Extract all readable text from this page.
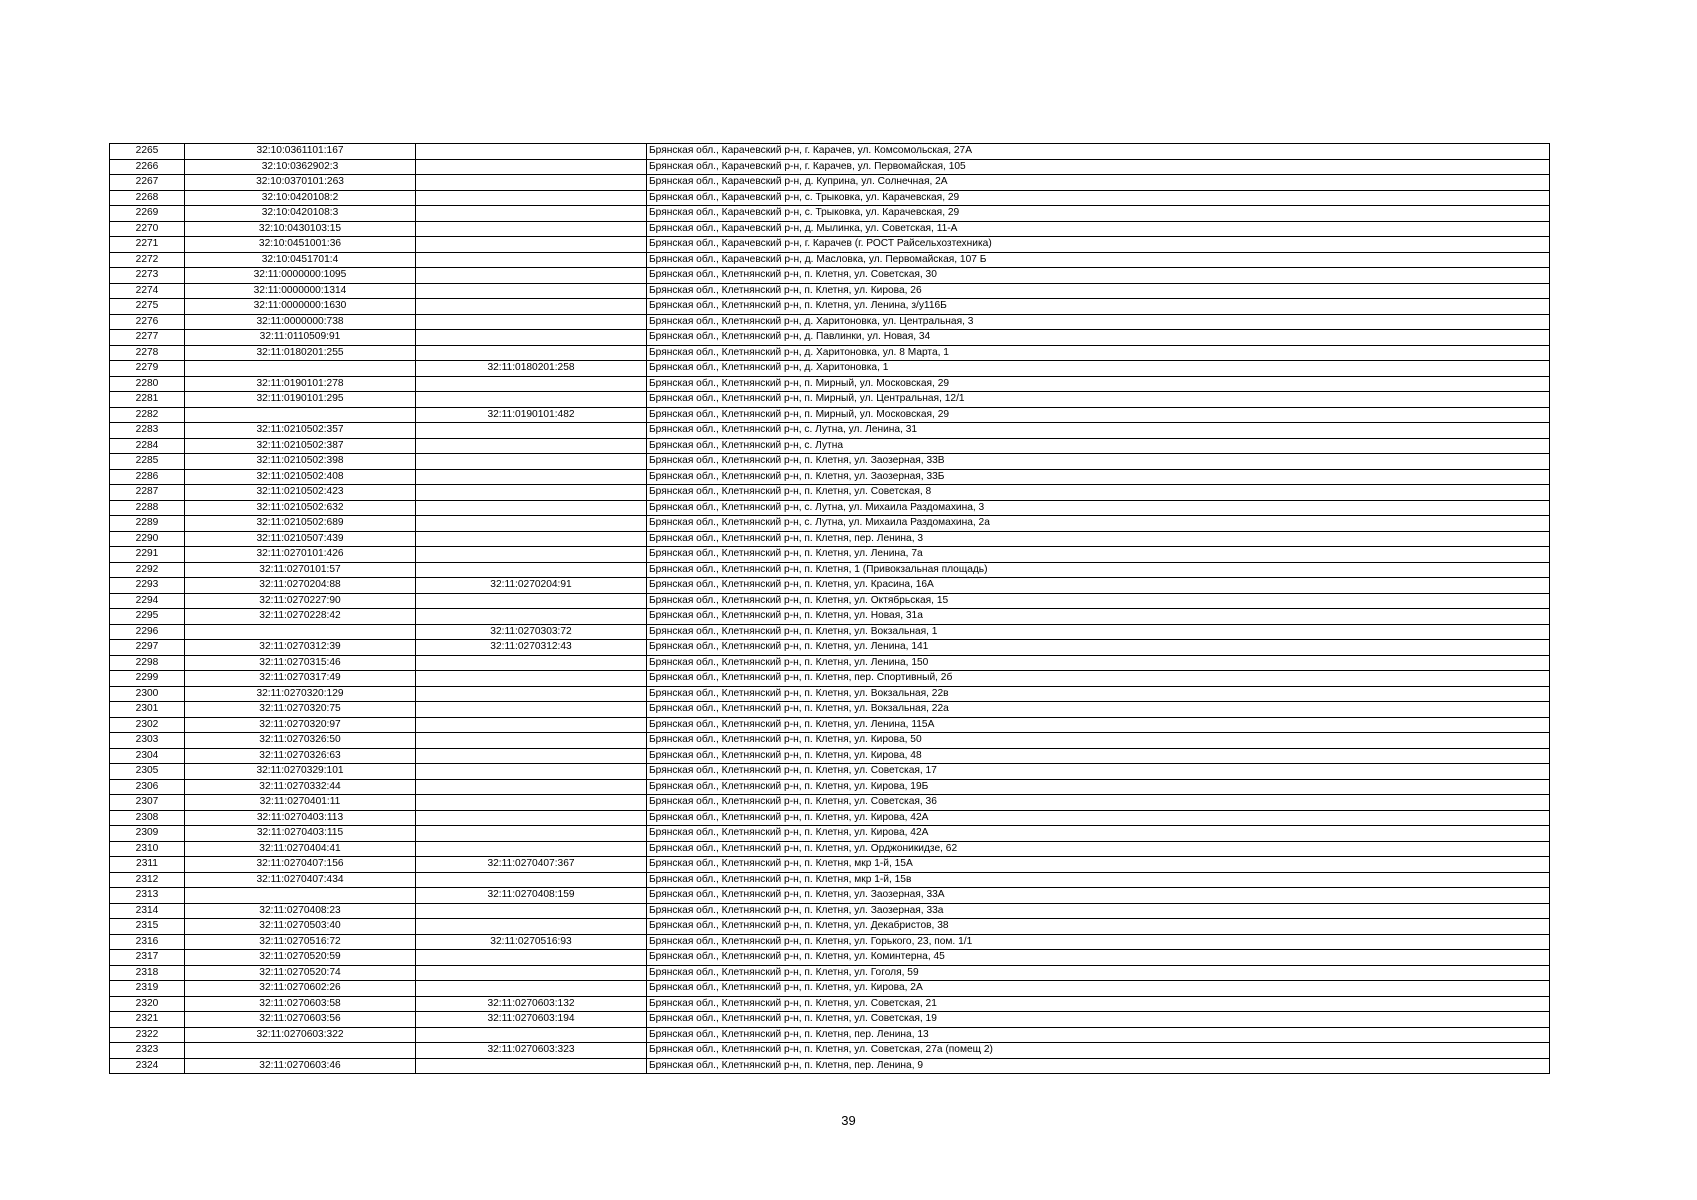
2265	32:10:0361101:167		Брянская обл., Карачевский р-н, г. Карачев, ул. Комсомольская, 27А
2266	32:10:0362902:3		Брянская обл., Карачевский р-н, г. Карачев, ул. Первомайская, 105
2267	32:10:0370101:263		Брянская обл., Карачевский р-н, д. Куприна, ул. Солнечная, 2А
2268	32:10:0420108:2		Брянская обл., Карачевский р-н, с. Трыковка, ул. Карачевская, 29
2269	32:10:0420108:3		Брянская обл., Карачевский р-н, с. Трыковка, ул. Карачевская, 29
2270	32:10:0430103:15		Брянская обл., Карачевский р-н, д. Мылинка, ул. Советская, 11-А
2271	32:10:0451001:36		Брянская обл., Карачевский р-н, г. Карачев (г. РОСТ Райсельхозтехника)
2272	32:10:0451701:4		Брянская обл., Карачевский р-н, д. Масловка, ул. Первомайская, 107 Б
2273	32:11:0000000:1095		Брянская обл., Клетнянский р-н, п. Клетня, ул. Советская, 30
2274	32:11:0000000:1314		Брянская обл., Клетнянский р-н, п. Клетня, ул. Кирова, 26
2275	32:11:0000000:1630		Брянская обл., Клетнянский р-н, п. Клетня, ул. Ленина, з/у116Б
2276	32:11:0000000:738		Брянская обл., Клетнянский р-н, д. Харитоновка, ул. Центральная, 3
2277	32:11:0110509:91		Брянская обл., Клетнянский р-н, д. Павлинки, ул. Новая, 34
2278	32:11:0180201:255		Брянская обл., Клетнянский р-н, д. Харитоновка, ул. 8 Марта, 1
2279		32:11:0180201:258	Брянская обл., Клетнянский р-н, д. Харитоновка, 1
2280	32:11:0190101:278		Брянская обл., Клетнянский р-н, п. Мирный, ул. Московская, 29
2281	32:11:0190101:295		Брянская обл., Клетнянский р-н, п. Мирный, ул. Центральная, 12/1
2282		32:11:0190101:482	Брянская обл., Клетнянский р-н, п. Мирный, ул. Московская, 29
2283	32:11:0210502:357		Брянская обл., Клетнянский р-н, с. Лутна, ул. Ленина, 31
2284	32:11:0210502:387		Брянская обл., Клетнянский р-н, с. Лутна
2285	32:11:0210502:398		Брянская обл., Клетнянский р-н, п. Клетня, ул. Заозерная, 33В
2286	32:11:0210502:408		Брянская обл., Клетнянский р-н, п. Клетня, ул. Заозерная, 33Б
2287	32:11:0210502:423		Брянская обл., Клетнянский р-н, п. Клетня, ул. Советская, 8
2288	32:11:0210502:632		Брянская обл., Клетнянский р-н, с. Лутна, ул. Михаила Раздомахина, 3
2289	32:11:0210502:689		Брянская обл., Клетнянский р-н, с. Лутна, ул. Михаила Раздомахина, 2а
2290	32:11:0210507:439		Брянская обл., Клетнянский р-н, п. Клетня, пер. Ленина, 3
2291	32:11:0270101:426		Брянская обл., Клетнянский р-н, п. Клетня, ул. Ленина, 7а
2292	32:11:0270101:57		Брянская обл., Клетнянский р-н, п. Клетня, 1 (Привокзальная площадь)
2293	32:11:0270204:88	32:11:0270204:91	Брянская обл., Клетнянский р-н, п. Клетня, ул. Красина, 16А
2294	32:11:0270227:90		Брянская обл., Клетнянский р-н, п. Клетня, ул. Октябрьская, 15
2295	32:11:0270228:42		Брянская обл., Клетнянский р-н, п. Клетня, ул. Новая, 31а
2296		32:11:0270303:72	Брянская обл., Клетнянский р-н, п. Клетня, ул. Вокзальная, 1
2297	32:11:0270312:39	32:11:0270312:43	Брянская обл., Клетнянский р-н, п. Клетня, ул. Ленина, 141
2298	32:11:0270315:46		Брянская обл., Клетнянский р-н, п. Клетня, ул. Ленина, 150
2299	32:11:0270317:49		Брянская обл., Клетнянский р-н, п. Клетня, пер. Спортивный, 2б
2300	32:11:0270320:129		Брянская обл., Клетнянский р-н, п. Клетня, ул. Вокзальная, 22в
2301	32:11:0270320:75		Брянская обл., Клетнянский р-н, п. Клетня, ул. Вокзальная, 22а
2302	32:11:0270320:97		Брянская обл., Клетнянский р-н, п. Клетня, ул. Ленина, 115А
2303	32:11:0270326:50		Брянская обл., Клетнянский р-н, п. Клетня, ул. Кирова, 50
2304	32:11:0270326:63		Брянская обл., Клетнянский р-н, п. Клетня, ул. Кирова, 48
2305	32:11:0270329:101		Брянская обл., Клетнянский р-н, п. Клетня, ул. Советская, 17
2306	32:11:0270332:44		Брянская обл., Клетнянский р-н, п. Клетня, ул. Кирова, 19Б
2307	32:11:0270401:11		Брянская обл., Клетнянский р-н, п. Клетня, ул. Советская, 36
2308	32:11:0270403:113		Брянская обл., Клетнянский р-н, п. Клетня, ул. Кирова, 42А
2309	32:11:0270403:115		Брянская обл., Клетнянский р-н, п. Клетня, ул. Кирова, 42А
2310	32:11:0270404:41		Брянская обл., Клетнянский р-н, п. Клетня, ул. Орджоникидзе, 62
2311	32:11:0270407:156	32:11:0270407:367	Брянская обл., Клетнянский р-н, п. Клетня, мкр 1-й, 15А
2312	32:11:0270407:434		Брянская обл., Клетнянский р-н, п. Клетня, мкр 1-й, 15в
2313		32:11:0270408:159	Брянская обл., Клетнянский р-н, п. Клетня, ул. Заозерная, 33А
2314	32:11:0270408:23		Брянская обл., Клетнянский р-н, п. Клетня, ул. Заозерная, 33а
2315	32:11:0270503:40		Брянская обл., Клетнянский р-н, п. Клетня, ул. Декабристов, 38
2316	32:11:0270516:72	32:11:0270516:93	Брянская обл., Клетнянский р-н, п. Клетня, ул. Горького, 23, пом. 1/1
2317	32:11:0270520:59		Брянская обл., Клетнянский р-н, п. Клетня, ул. Коминтерна, 45
2318	32:11:0270520:74		Брянская обл., Клетнянский р-н, п. Клетня, ул. Гоголя, 59
2319	32:11:0270602:26		Брянская обл., Клетнянский р-н, п. Клетня, ул. Кирова, 2А
2320	32:11:0270603:58	32:11:0270603:132	Брянская обл., Клетнянский р-н, п. Клетня, ул. Советская, 21
2321	32:11:0270603:56	32:11:0270603:194	Брянская обл., Клетнянский р-н, п. Клетня, ул. Советская, 19
2322	32:11:0270603:322		Брянская обл., Клетнянский р-н, п. Клетня, пер. Ленина, 13
2323		32:11:0270603:323	Брянская обл., Клетнянский р-н, п. Клетня, ул. Советская, 27а (помещ 2)
2324	32:11:0270603:46		Брянская обл., Клетнянский р-н, п. Клетня, пер. Ленина, 9
39
